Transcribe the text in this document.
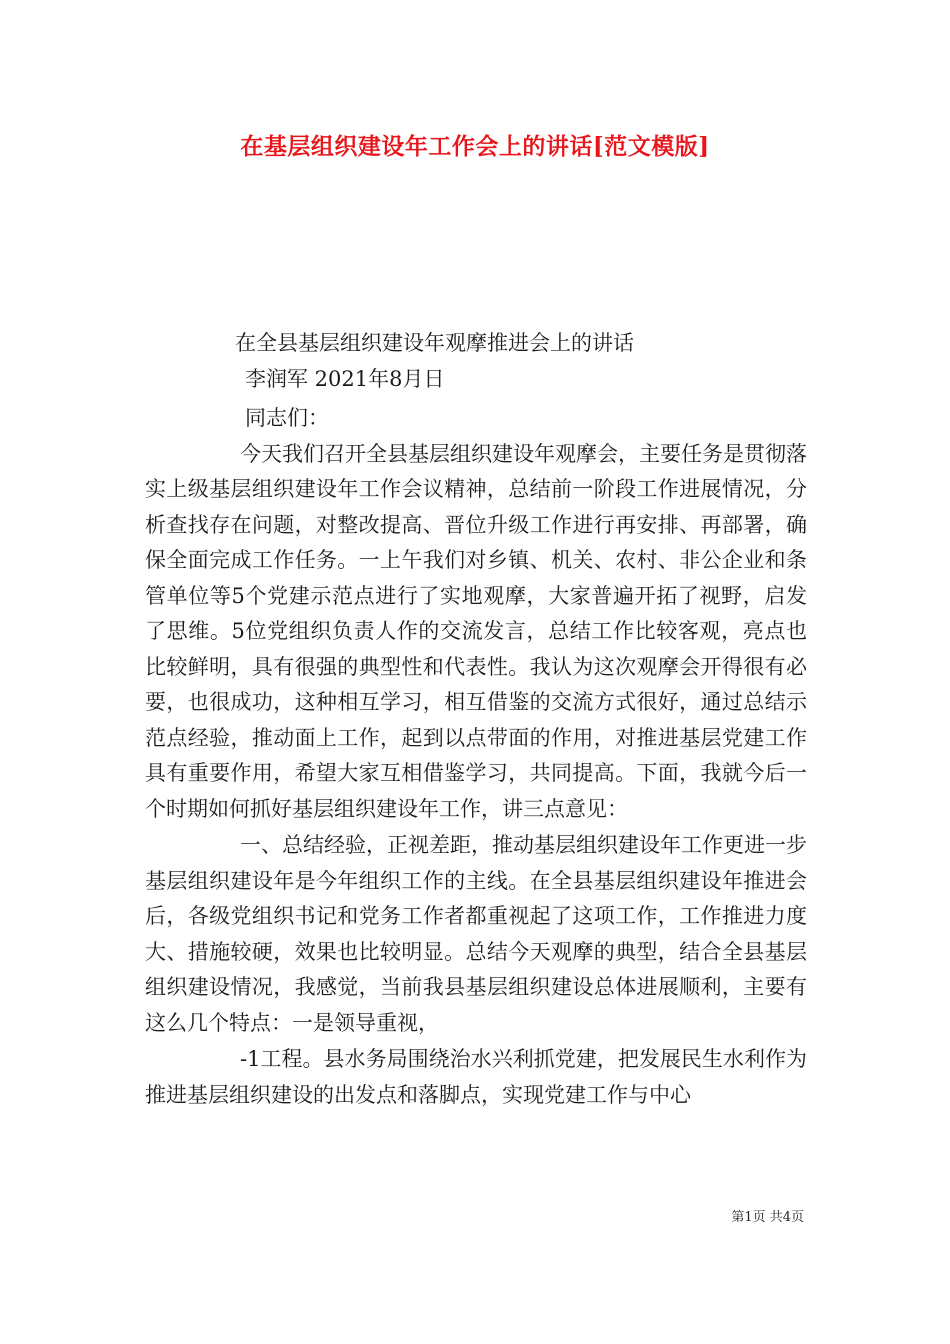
在基层组织建设年工作会上的讲话[范文模版]

在全县基层组织建设年观摩推进会上的讲话

李润军 2021年8月日

同志们：

今天我们召开全县基层组织建设年观摩会，主要任务是贯彻落实上级基层组织建设年工作会议精神，总结前一阶段工作进展情况，分析查找存在问题，对整改提高、晋位升级工作进行再安排、再部署，确保全面完成工作任务。一上午我们对乡镇、机关、农村、非公企业和条管单位等5个党建示范点进行了实地观摩，大家普遍开拓了视野，启发了思维。5位党组织负责人作的交流发言，总结工作比较客观，亮点也比较鲜明，具有很强的典型性和代表性。我认为这次观摩会开得很有必要，也很成功，这种相互学习，相互借鉴的交流方式很好，通过总结示范点经验，推动面上工作，起到以点带面的作用，对推进基层党建工作具有重要作用，希望大家互相借鉴学习，共同提高。下面，我就今后一个时期如何抓好基层组织建设年工作，讲三点意见：

一、总结经验，正视差距，推动基层组织建设年工作更进一步基层组织建设年是今年组织工作的主线。在全县基层组织建设年推进会后，各级党组织书记和党务工作者都重视起了这项工作，工作推进力度大、措施较硬，效果也比较明显。总结今天观摩的典型，结合全县基层组织建设情况，我感觉，当前我县基层组织建设总体进展顺利，主要有这么几个特点：一是领导重视，

-1工程。县水务局围绕治水兴利抓党建，把发展民生水利作为推进基层组织建设的出发点和落脚点，实现党建工作与中心

第1页 共4页
